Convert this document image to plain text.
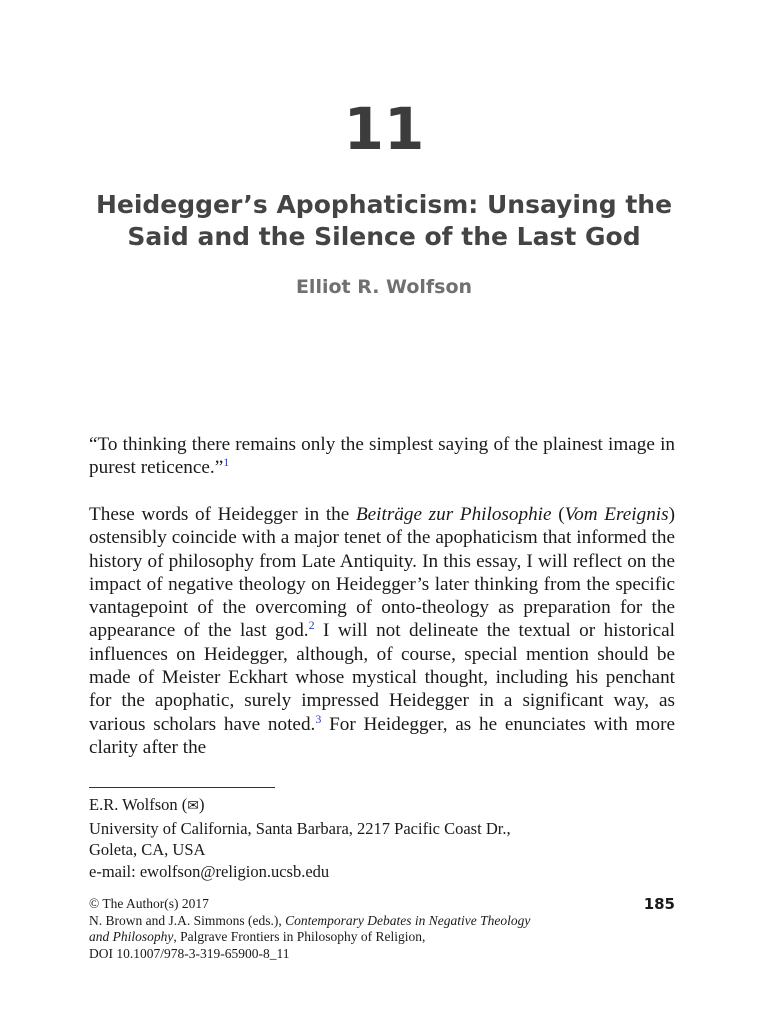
11
Heidegger’s Apophaticism: Unsaying the
Said and the Silence of the Last God
Elliot R. Wolfson

“To thinking there remains only the simplest saying of the plainest image in purest reticence.”$^1$

These words of Heidegger in the Beiträge zur Philosophie (Vom Ereignis) ostensibly coincide with a major tenet of the apophaticism that informed the history of philosophy from Late Antiquity. In this essay, I will reflect on the impact of negative theology on Heidegger’s later thinking from the specific vantagepoint of the overcoming of onto-theology as preparation for the appearance of the last god.$^2$ I will not delineate the textual or historical influences on Heidegger, although, of course, special mention should be made of Meister Eckhart whose mystical thought, including his penchant for the apophatic, surely impressed Heidegger in a significant way, as various scholars have noted.$^3$ For Heidegger, as he enunciates with more clarity after the

E.R. Wolfson (✉)
University of California, Santa Barbara, 2217 Pacific Coast Dr.,
Goleta, CA, USA
e-mail: ewolfson@religion.ucsb.edu
© The Author(s) 2017
N. Brown and J.A. Simmons (eds.), Contemporary Debates in Negative Theology
and Philosophy, Palgrave Frontiers in Philosophy of Religion,
DOI 10.1007/978-3-319-65900-8_11
185
